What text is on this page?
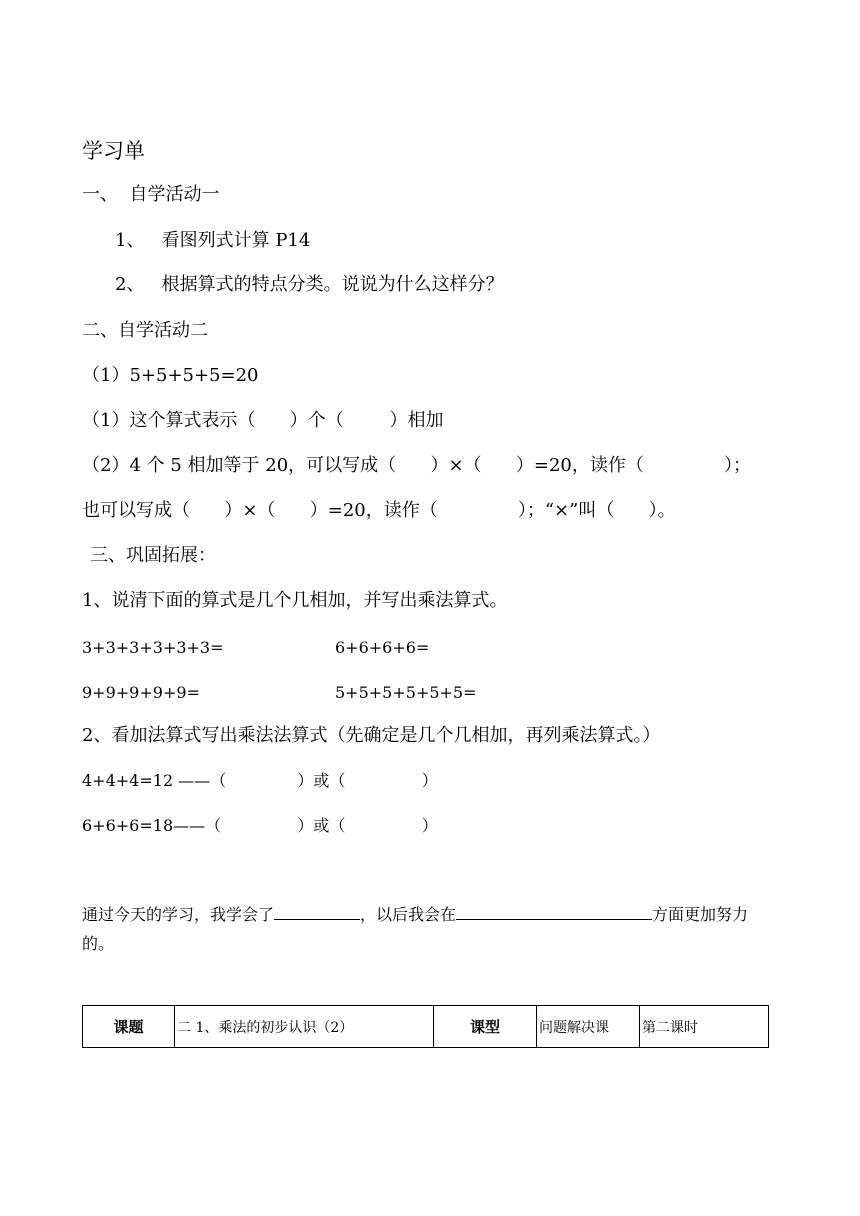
学习单
一、  自学活动一
1、   看图列式计算 P14
2、   根据算式的特点分类。说说为什么这样分？
二、自学活动二
（1）5+5+5+5=20
（1）这个算式表示（      ）个（        ）相加
（2）4 个 5 相加等于 20，可以写成（      ）×（      ）=20，读作（              ）；
也可以写成（      ）×（      ）=20，读作（              ）；“×”叫（      ）。
三、巩固拓展：
1、说清下面的算式是几个几相加，并写出乘法算式。
3+3+3+3+3+3=	6+6+6+6=
9+9+9+9+9=	5+5+5+5+5+5=
2、看加法算式写出乘法法算式（先确定是几个几相加，再列乘法算式。）
4+4+4=12 ——（              ）或（               ）
6+6+6=18——（               ）或（               ）
通过今天的学习，我学会了	，以后我会在	方面更加努力
的。
课题	二 1、乘法的初步认识（2）	课型	问题解决课	第二课时
